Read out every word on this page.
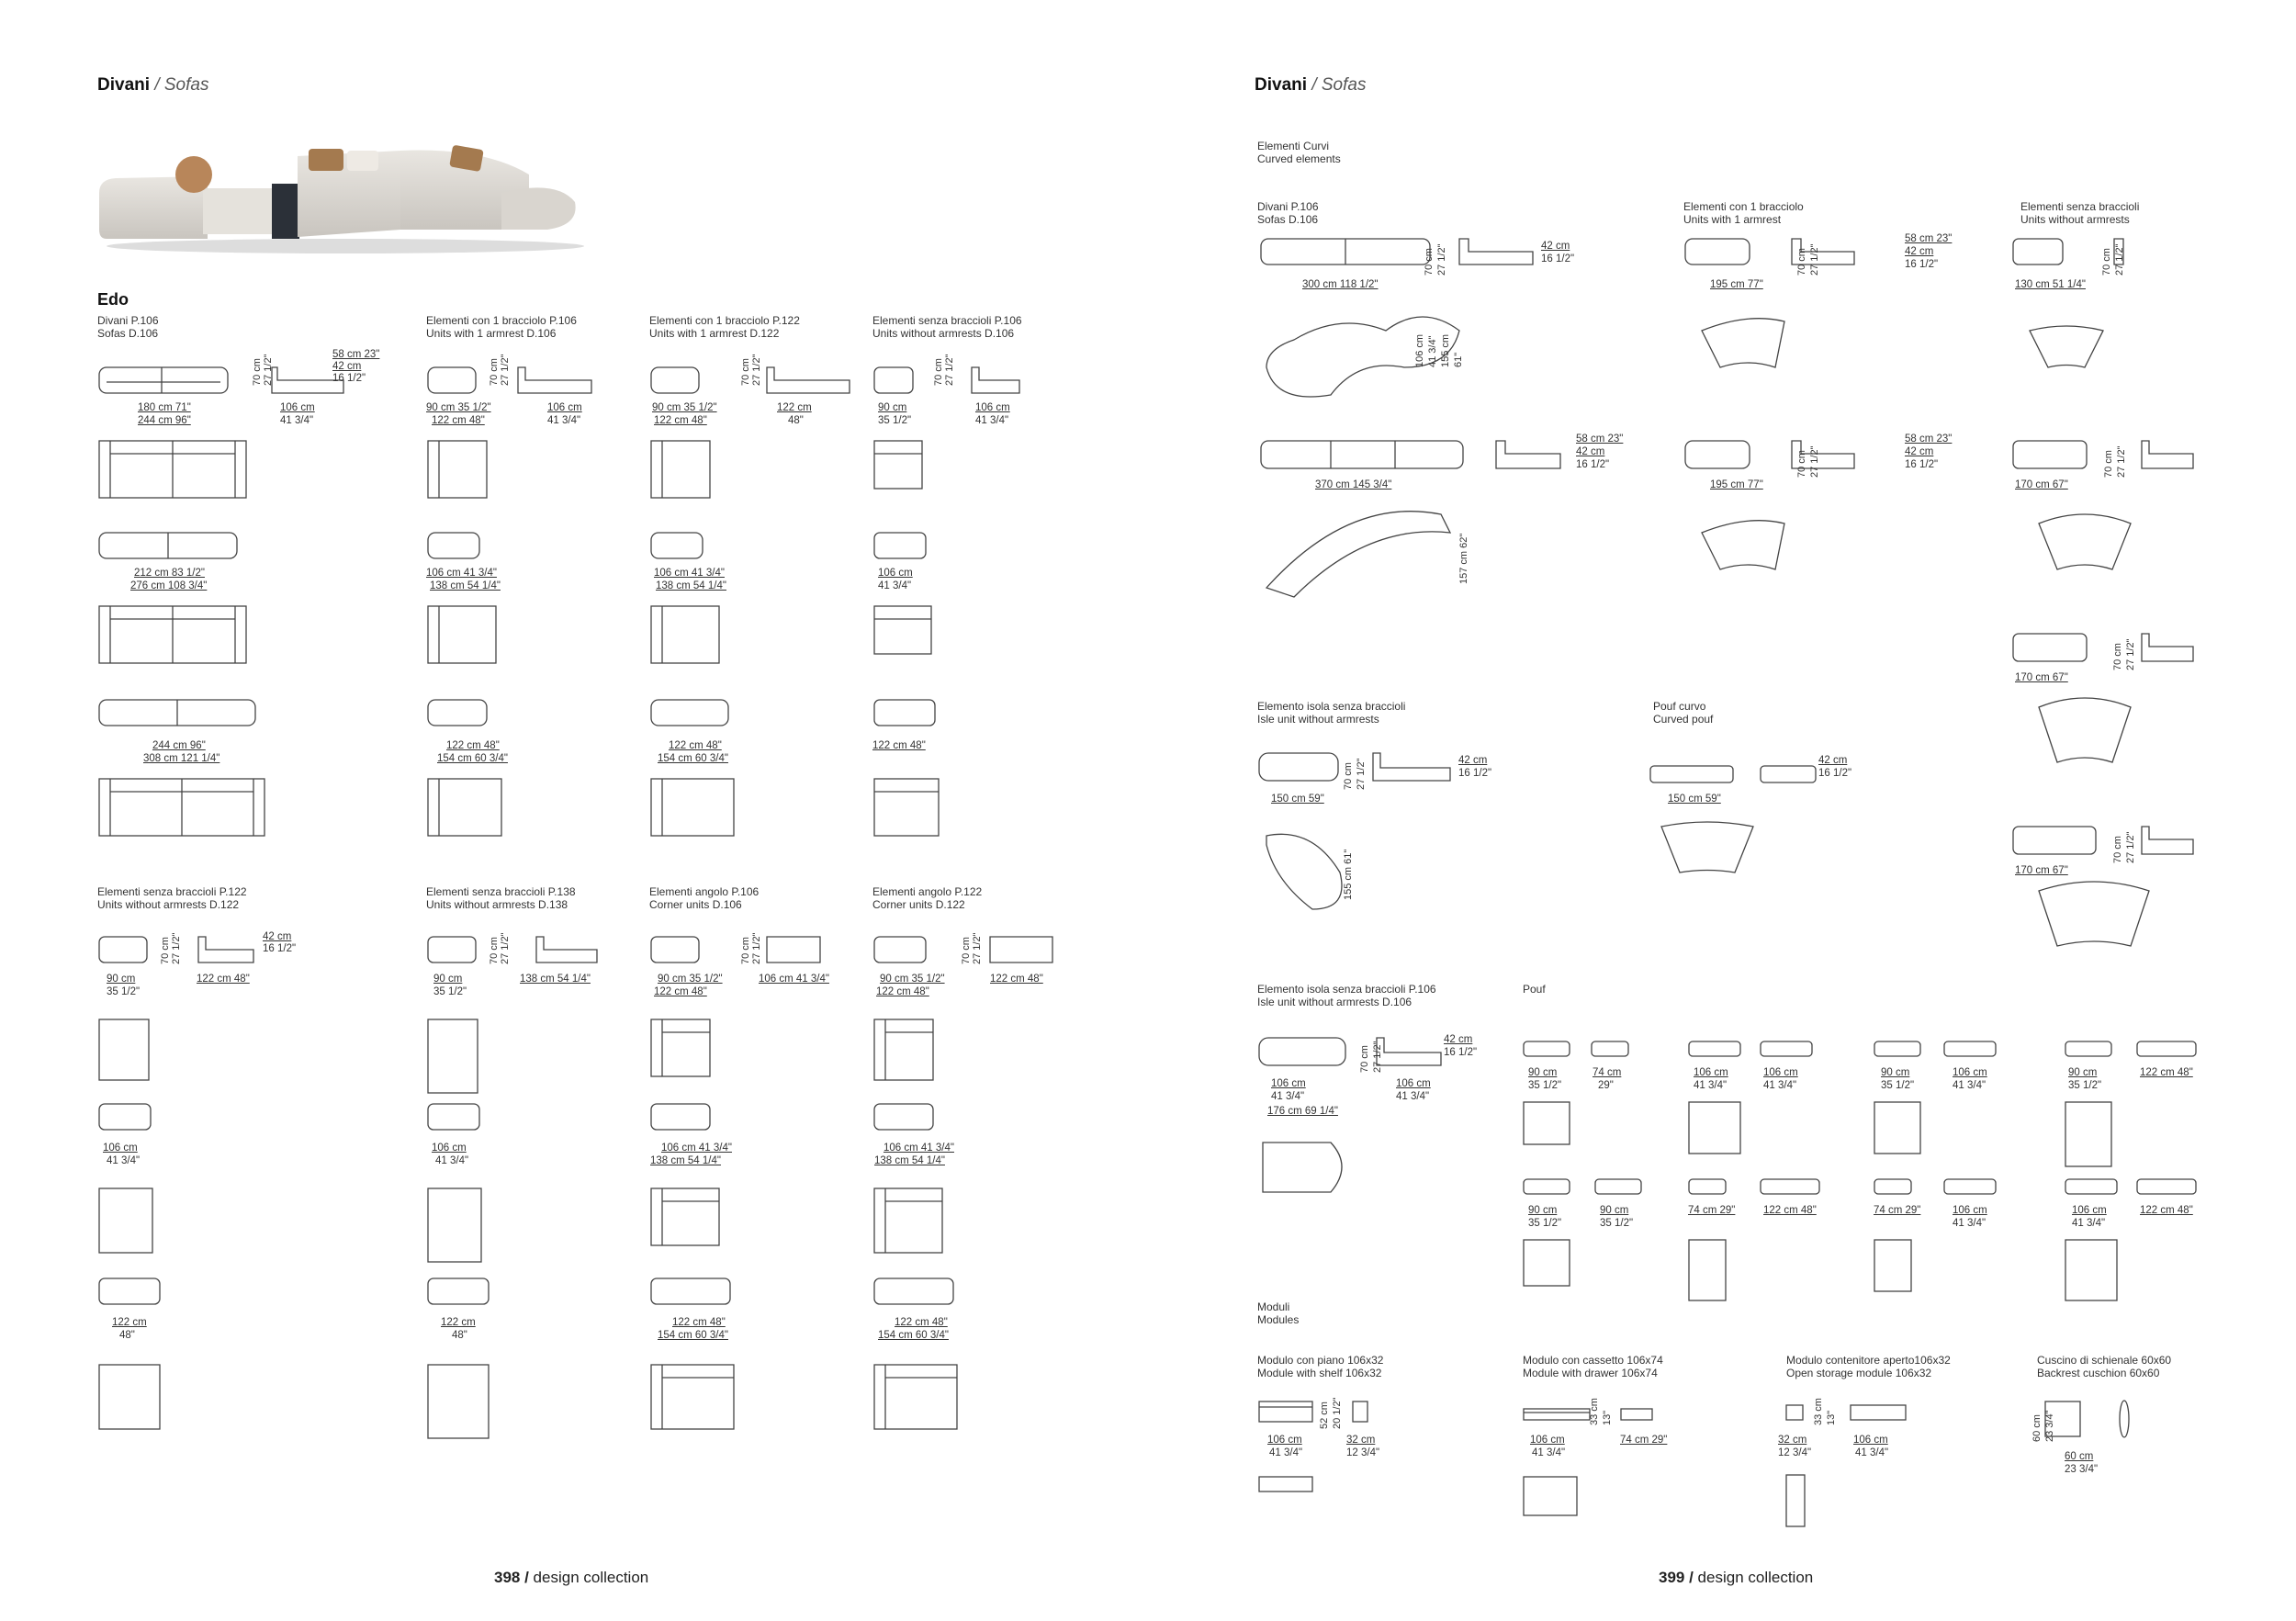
Divani / Sofas
Edo
Divani P.106
Sofas D.106
Elementi con 1 bracciolo P.106
Units with 1 armrest D.106
Elementi con 1 bracciolo P.122
Units with 1 armrest D.122
Elementi senza braccioli P.106
Units without armrests D.106
70 cm 27 1/2"	58 cm 23"
42 cm
16 1/2"
180 cm 71"
244 cm 96"
106 cm
41 3/4"
212 cm 83 1/2"
276 cm 108 3/4"
244 cm 96"
308 cm 121 1/4"
70 cm 27 1/2"
90 cm 35 1/2"
122 cm 48"
106 cm
41 3/4"
106 cm 41 3/4"
138 cm 54 1/4"
122 cm 48"
154 cm 60 3/4"
70 cm 27 1/2"
90 cm 35 1/2"
122 cm 48"
122 cm
48"
106 cm 41 3/4"
138 cm 54 1/4"
122 cm 48"
154 cm 60 3/4"
70 cm 27 1/2"
90 cm
35 1/2"
106 cm
41 3/4"
106 cm
41 3/4"
122 cm 48"
Elementi senza braccioli P.122
Units without armrests D.122
Elementi senza braccioli P.138
Units without armrests D.138
Elementi angolo P.106
Corner units D.106
Elementi angolo P.122
Corner units D.122
70 cm 27 1/2"	42 cm
16 1/2"
90 cm
35 1/2"
122 cm 48"
106 cm
41 3/4"
122 cm
48"
70 cm 27 1/2"
90 cm
35 1/2"
138 cm 54 1/4"
106 cm
41 3/4"
122 cm
48"
70 cm 27 1/2"
90 cm 35 1/2"
122 cm 48"
106 cm 41 3/4"
106 cm 41 3/4"
138 cm 54 1/4"
122 cm 48"
154 cm 60 3/4"
70 cm 27 1/2"
90 cm 35 1/2"
122 cm 48"
122 cm 48"
106 cm 41 3/4"
138 cm 54 1/4"
122 cm 48"
154 cm 60 3/4"
398 / design collection
Divani / Sofas
Elementi Curvi
Curved elements
Divani P.106
Sofas D.106
Elementi con 1 bracciolo
Units with 1 armrest
Elementi senza braccioli
Units without armrests
300 cm 118 1/2"
70 cm 27 1/2"	42 cm
16 1/2"
106 cm 41 3/4" 155 cm 61"
370 cm 145 3/4"
58 cm 23"
42 cm
16 1/2"
157 cm 62"
195 cm 77"
70 cm 27 1/2"
58 cm 23"
42 cm
16 1/2"
195 cm 77"
70 cm 27 1/2"
58 cm 23"
42 cm
16 1/2"
130 cm 51 1/4"
70 cm 27 1/2"
170 cm 67"
70 cm 27 1/2"
170 cm 67"
70 cm 27 1/2"
170 cm 67"
70 cm 27 1/2"
Elemento isola senza braccioli
Isle unit without armrests
Pouf curvo
Curved pouf
150 cm 59"
70 cm 27 1/2"	42 cm
16 1/2"
150 cm 59"
42 cm
16 1/2"
155 cm 61"
Elemento isola senza braccioli P.106
Isle unit without armrests D.106
Pouf
106 cm
41 3/4"
176 cm 69 1/4"
70 cm 27 1/2"
106 cm
41 3/4"
42 cm
16 1/2"
90 cm
35 1/2"
74 cm
29"
106 cm
41 3/4"
106 cm
41 3/4"
90 cm
35 1/2"
106 cm
41 3/4"
90 cm
35 1/2"
122 cm 48"
90 cm
35 1/2"
90 cm
35 1/2"
74 cm 29"	122 cm 48"	74 cm 29"	106 cm
41 3/4"
106 cm
41 3/4"
122 cm 48"
Moduli
Modules
Modulo con piano 106x32
Module with shelf 106x32
Modulo con cassetto 106x74
Module with drawer 106x74
Modulo contenitore aperto106x32
Open storage module 106x32
Cuscino di schienale 60x60
Backrest cuschion 60x60
106 cm
41 3/4"
32 cm
12 3/4"
52 cm 20 1/2"
106 cm
41 3/4"
74 cm 29"
33 cm 13"
32 cm
12 3/4"
33 cm 13"
106 cm
41 3/4"
60 cm 23 3/4"
60 cm
23 3/4"
399 / design collection
